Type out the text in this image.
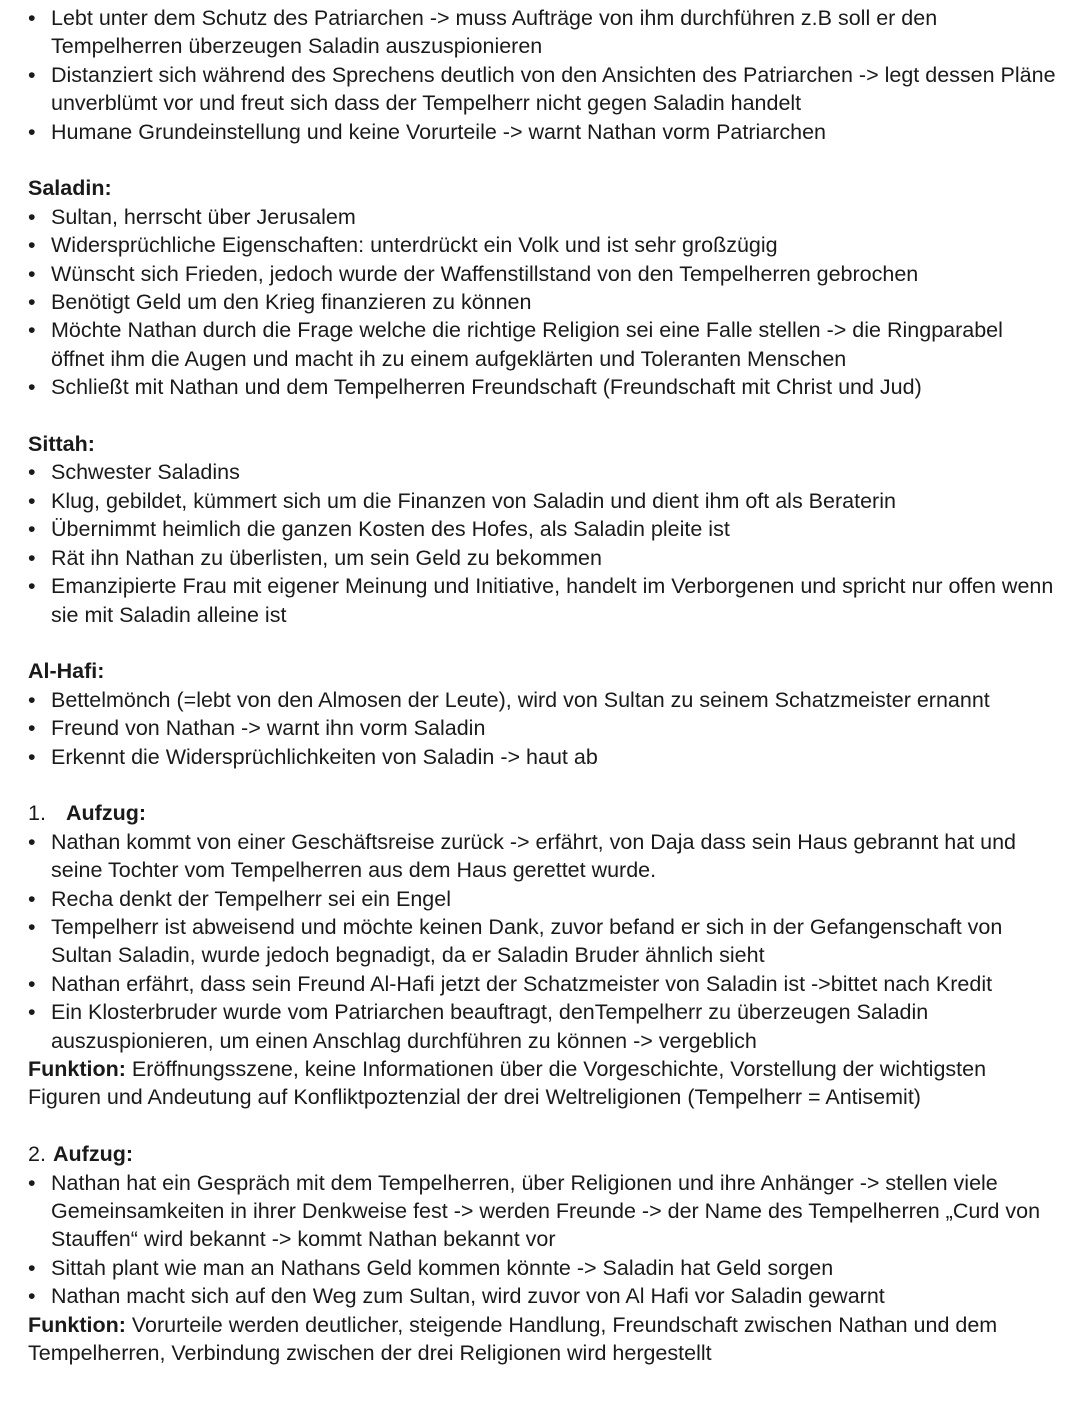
• Lebt unter dem Schutz des Patriarchen -> muss Aufträge von ihm durchführen z.B soll er den Tempelherren überzeugen Saladin auszuspionieren
• Distanziert sich während des Sprechens deutlich von den Ansichten des Patriarchen -> legt dessen Pläne unverblümt vor und freut sich dass der Tempelherr nicht gegen Saladin handelt
• Humane Grundeinstellung und keine Vorurteile -> warnt Nathan vorm Patriarchen
Saladin:
• Sultan, herrscht über Jerusalem
• Widersprüchliche Eigenschaften: unterdrückt ein Volk und ist sehr großzügig
• Wünscht sich Frieden, jedoch wurde der Waffenstillstand von den Tempelherren gebrochen
• Benötigt Geld um den Krieg finanzieren zu können
• Möchte Nathan durch die Frage welche die richtige Religion sei eine Falle stellen -> die Ringparabel öffnet ihm die Augen und macht ih zu einem aufgeklärten und Toleranten Menschen
• Schließt mit Nathan und dem Tempelherren Freundschaft (Freundschaft mit Christ und Jud)
Sittah:
• Schwester Saladins
• Klug, gebildet, kümmert sich um die Finanzen von Saladin und dient ihm oft als Beraterin
• Übernimmt heimlich die ganzen Kosten des Hofes, als Saladin pleite ist
• Rät ihn Nathan zu überlisten, um sein Geld zu bekommen
• Emanzipierte Frau mit eigener Meinung und Initiative, handelt im Verborgenen und spricht nur offen wenn sie mit Saladin alleine ist
Al-Hafi:
• Bettelmönch (=lebt von den Almosen der Leute), wird von Sultan zu seinem Schatzmeister ernannt
• Freund von Nathan -> warnt ihn vorm Saladin
• Erkennt die Widersprüchlichkeiten von Saladin -> haut ab
1. Aufzug:
• Nathan kommt von einer Geschäftsreise zurück -> erfährt, von Daja dass sein Haus gebrannt hat und seine Tochter vom Tempelherren aus dem Haus gerettet wurde.
• Recha denkt der Tempelherr sei ein Engel
• Tempelherr ist abweisend und möchte keinen Dank, zuvor befand er sich in der Gefangenschaft von Sultan Saladin, wurde jedoch begnadigt, da er Saladin Bruder ähnlich sieht
• Nathan erfährt, dass sein Freund Al-Hafi jetzt der Schatzmeister von Saladin ist ->bittet nach Kredit
• Ein Klosterbruder wurde vom Patriarchen beauftragt, denTempelherr zu überzeugen Saladin auszuspionieren, um einen Anschlag durchführen zu können -> vergeblich

Funktion: Eröffnungsszene, keine Informationen über die Vorgeschichte, Vorstellung der wichtigsten Figuren und Andeutung auf Konfliktpoztenzial der drei Weltreligionen (Tempelherr = Antisemit)

2. Aufzug:
• Nathan hat ein Gespräch mit dem Tempelherren, über Religionen und ihre Anhänger -> stellen viele Gemeinsamkeiten in ihrer Denkweise fest -> werden Freunde -> der Name des Tempelherren „Curd von Stauffen“ wird bekannt -> kommt Nathan bekannt vor
• Sittah plant wie man an Nathans Geld kommen könnte -> Saladin hat Geld sorgen
• Nathan macht sich auf den Weg zum Sultan, wird zuvor von Al Hafi vor Saladin gewarnt

Funktion: Vorurteile werden deutlicher, steigende Handlung, Freundschaft zwischen Nathan und dem Tempelherren, Verbindung zwischen der drei Religionen wird hergestellt
